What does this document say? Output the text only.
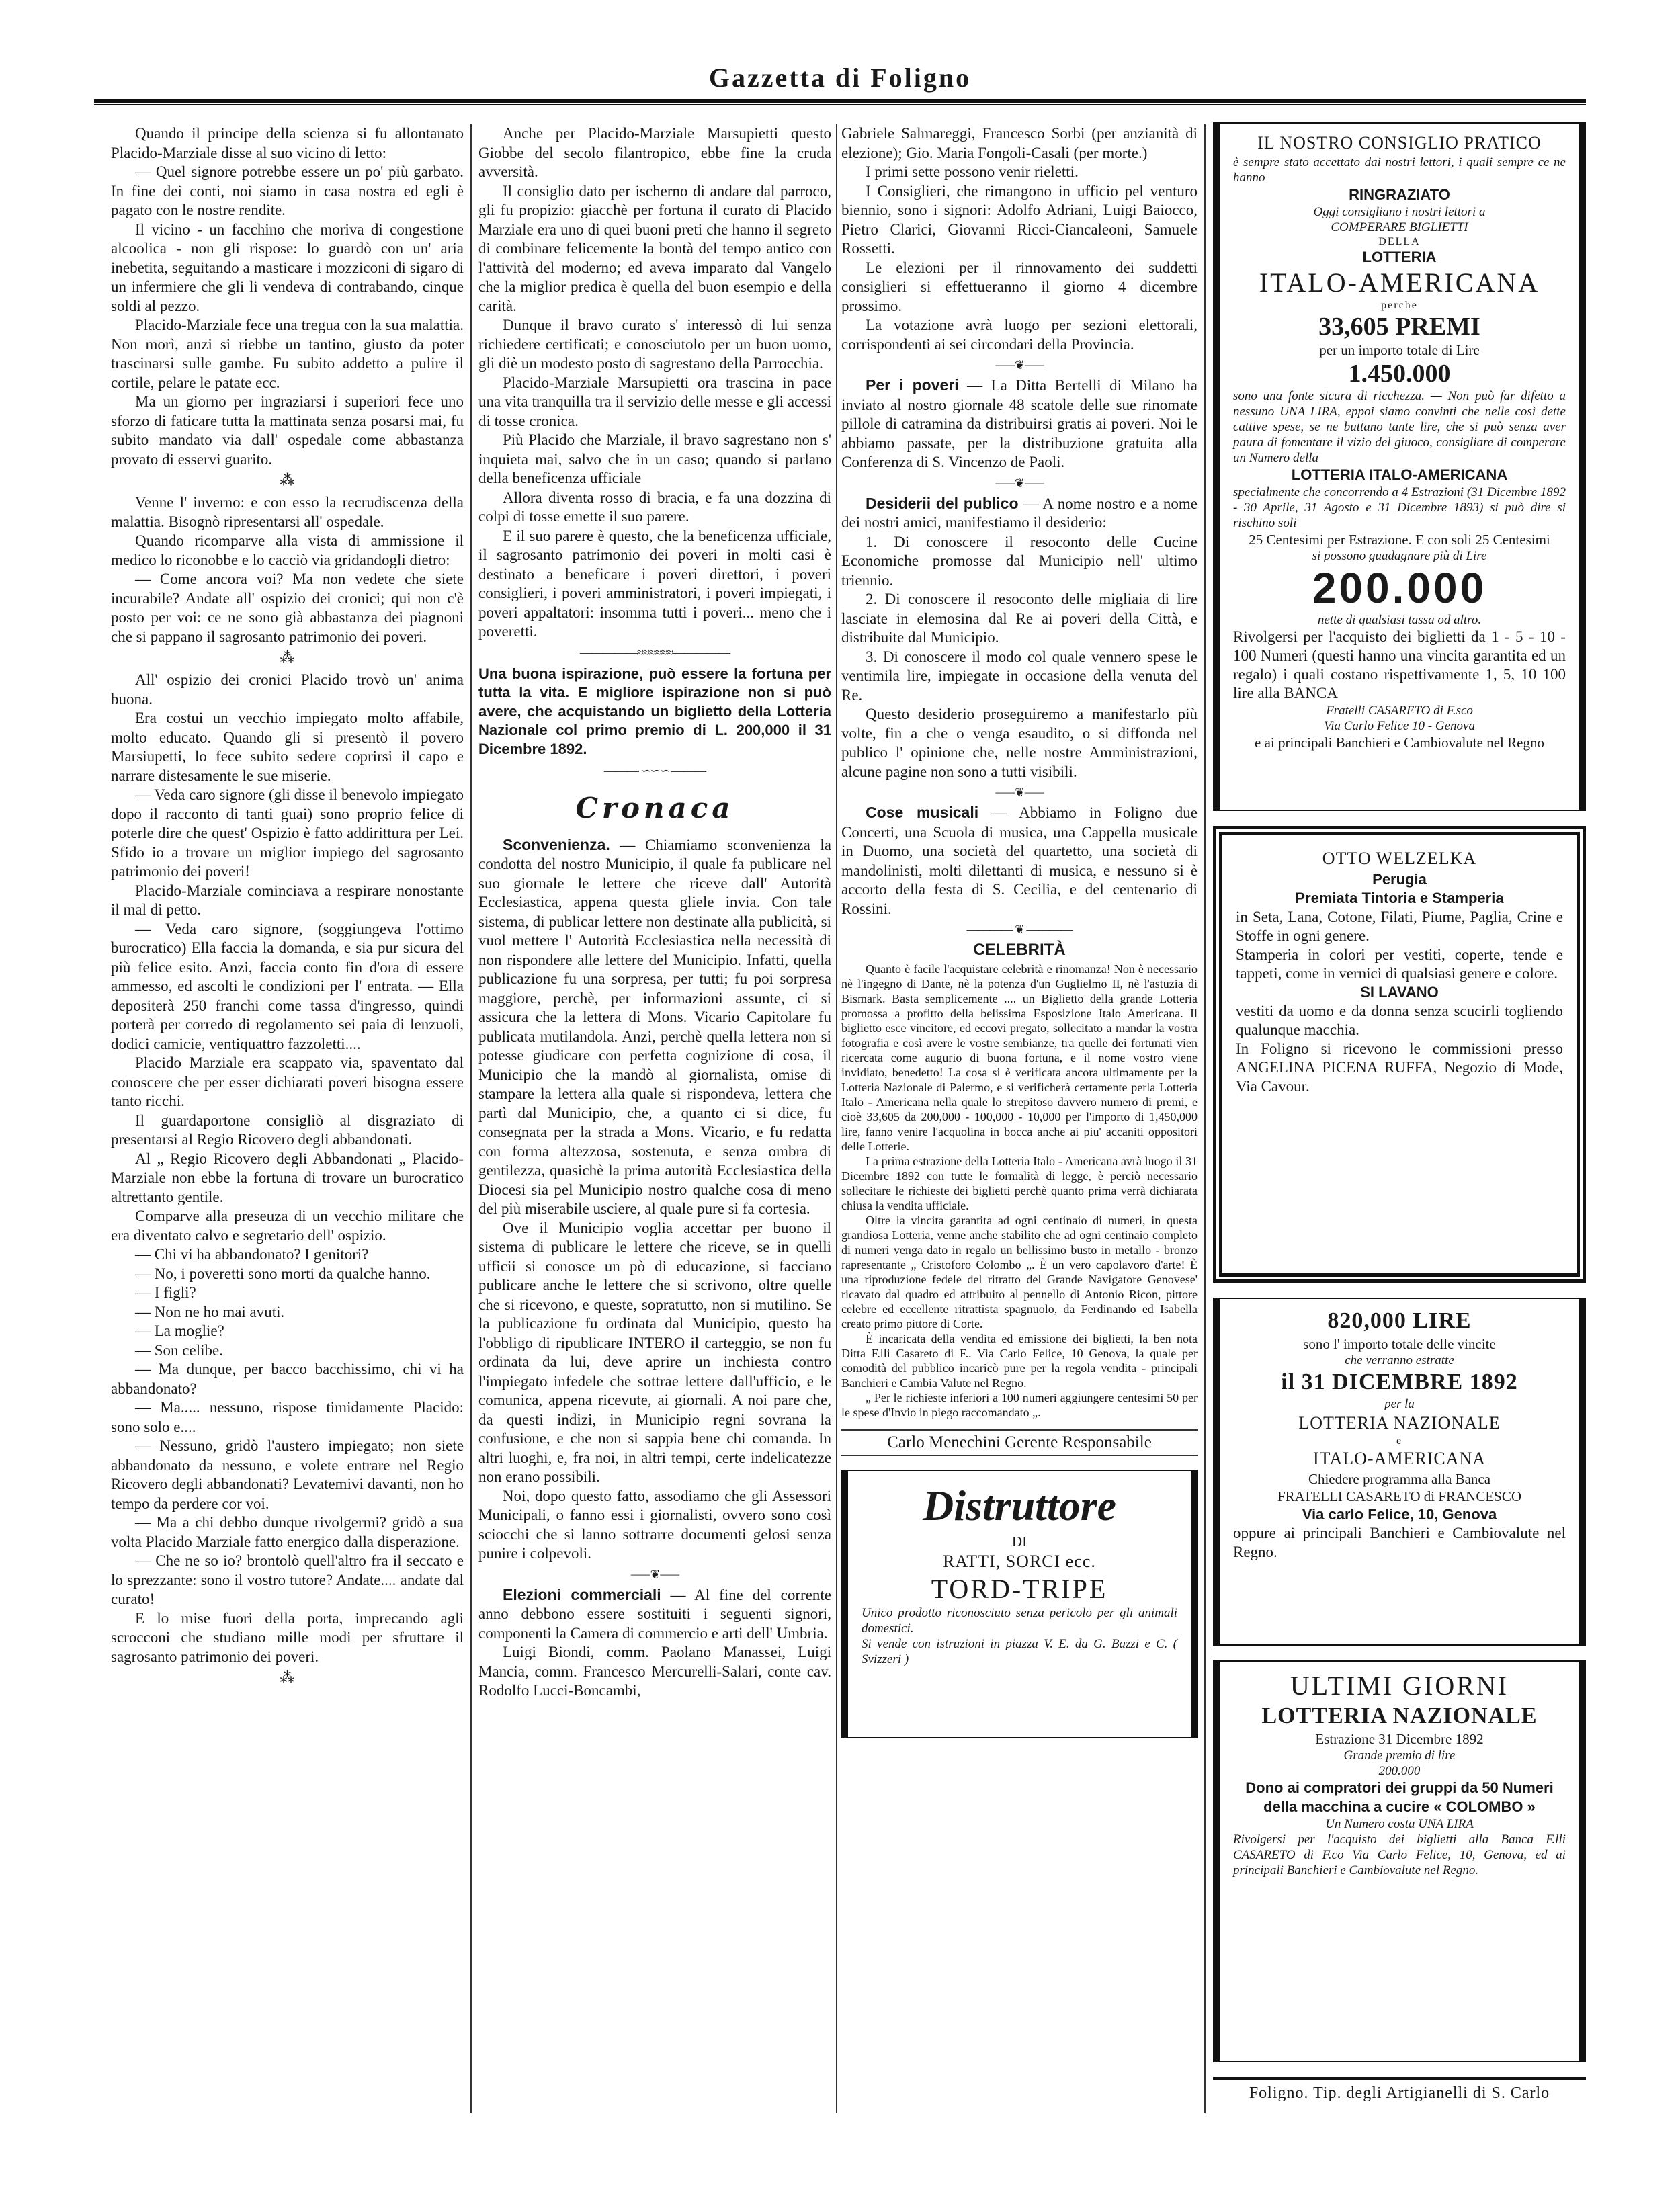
Gazzetta di Foligno

Quando il principe della scienza si fu allontanato Placido-Marziale disse al suo vicino di letto:

— Quel signore potrebbe essere un po' più garbato. In fine dei conti, noi siamo in casa nostra ed egli è pagato con le nostre rendite.

Il vicino - un facchino che moriva di congestione alcoolica - non gli rispose: lo guardò con un' aria inebetita, seguitando a masticare i mozziconi di sigaro di un infermiere che gli li vendeva di contrabando, cinque soldi al pezzo.

Placido-Marziale fece una tregua con la sua malattia. Non morì, anzi si riebbe un tantino, giusto da poter trascinarsi sulle gambe. Fu subito addetto a pulire il cortile, pelare le patate ecc.

Ma un giorno per ingraziarsi i superiori fece uno sforzo di faticare tutta la mattinata senza posarsi mai, fu subito mandato via dall' ospedale come abbastanza provato di esservi guarito.

⁂

Venne l' inverno: e con esso la recrudiscenza della malattia. Bisognò ripresentarsi all' ospedale.

Quando ricomparve alla vista di ammissione il medico lo riconobbe e lo cacciò via gridandogli dietro:

— Come ancora voi? Ma non vedete che siete incurabile? Andate all' ospizio dei cronici; qui non c'è posto per voi: ce ne sono già abbastanza dei piagnoni che si pappano il sagrosanto patrimonio dei poveri.

⁂

All' ospizio dei cronici Placido trovò un' anima buona.

Era costui un vecchio impiegato molto affabile, molto educato. Quando gli si presentò il povero Marsiupetti, lo fece subito sedere coprirsi il capo e narrare distesamente le sue miserie.

— Veda caro signore (gli disse il benevolo impiegato dopo il racconto di tanti guai) sono proprio felice di poterle dire che quest' Ospizio è fatto addirittura per Lei. Sfido io a trovare un miglior impiego del sagrosanto patrimonio dei poveri!

Placido-Marziale cominciava a respirare nonostante il mal di petto.

— Veda caro signore, (soggiungeva l'ottimo burocratico) Ella faccia la domanda, e sia pur sicura del più felice esito. Anzi, faccia conto fin d'ora di essere ammesso, ed ascolti le condizioni per l' entrata. — Ella depositerà 250 franchi come tassa d'ingresso, quindi porterà per corredo di regolamento sei paia di lenzuoli, dodici camicie, ventiquattro fazzoletti....

Placido Marziale era scappato via, spaventato dal conoscere che per esser dichiarati poveri bisogna essere tanto ricchi.

Il guardaportone consigliò al disgraziato di presentarsi al Regio Ricovero degli abbandonati.

Al „ Regio Ricovero degli Abbandonati „ Placido-Marziale non ebbe la fortuna di trovare un burocratico altrettanto gentile.

Comparve alla preseuza di un vecchio militare che era diventato calvo e segretario dell' ospizio.

— Chi vi ha abbandonato? I genitori?

— No, i poveretti sono morti da qualche hanno.

— I figli?

— Non ne ho mai avuti.

— La moglie?

— Son celibe.

— Ma dunque, per bacco bacchissimo, chi vi ha abbandonato?

— Ma..... nessuno, rispose timidamente Placido: sono solo e....

— Nessuno, gridò l'austero impiegato; non siete abbandonato da nessuno, e volete entrare nel Regio Ricovero degli abbandonati? Levatemivi davanti, non ho tempo da perdere cor voi.

— Ma a chi debbo dunque rivolgermi? gridò a sua volta Placido Marziale fatto energico dalla disperazione.

— Che ne so io? brontolò quell'altro fra il seccato e lo sprezzante: sono il vostro tutore? Andate.... andate dal curato!

E lo mise fuori della porta, imprecando agli scrocconi che studiano mille modi per sfruttare il sagrosanto patrimonio dei poveri.

⁂

Anche per Placido-Marziale Marsupietti questo Giobbe del secolo filantropico, ebbe fine la cruda avversità.

Il consiglio dato per ischerno di andare dal parroco, gli fu propizio: giacchè per fortuna il curato di Placido Marziale era uno di quei buoni preti che hanno il segreto di combinare felicemente la bontà del tempo antico con l'attività del moderno; ed aveva imparato dal Vangelo che la miglior predica è quella del buon esempio e della carità.

Dunque il bravo curato s' interessò di lui senza richiedere certificati; e conosciutolo per un buon uomo, gli diè un modesto posto di sagrestano della Parrocchia.

Placido-Marziale Marsupietti ora trascina in pace una vita tranquilla tra il servizio delle messe e gli accessi di tosse cronica.

Più Placido che Marziale, il bravo sagrestano non s' inquieta mai, salvo che in un caso; quando si parlano della beneficenza ufficiale

Allora diventa rosso di bracia, e fa una dozzina di colpi di tosse emette il suo parere.

E il suo parere è questo, che la beneficenza ufficiale, il sagrosanto patrimonio dei poveri in molti casi è destinato a beneficare i poveri direttori, i poveri consiglieri, i poveri amministratori, i poveri impiegati, i poveri appaltatori: insomma tutti i poveri... meno che i poveretti.

—————≈≈≈≈≈≈—————

Una buona ispirazione, può essere la fortuna per tutta la vita. E migliore ispirazione non si può avere, che acquistando un biglietto della Lotteria Nazionale col primo premio di L. 200,000 il 31 Dicembre 1892.

——— ∽∽∽ ———

Cronaca

Sconvenienza. — Chiamiamo sconvenienza la condotta del nostro Municipio, il quale fa publicare nel suo giornale le lettere che riceve dall' Autorità Ecclesiastica, appena questa gliele invia. Con tale sistema, di publicar lettere non destinate alla publicità, si vuol mettere l' Autorità Ecclesiastica nella necessità di non rispondere alle lettere del Municipio. Infatti, quella publicazione fu una sorpresa, per tutti; fu poi sorpresa maggiore, perchè, per informazioni assunte, ci si assicura che la lettera di Mons. Vicario Capitolare fu publicata mutilandola. Anzi, perchè quella lettera non si potesse giudicare con perfetta cognizione di cosa, il Municipio che la mandò al giornalista, omise di stampare la lettera alla quale si rispondeva, lettera che partì dal Municipio, che, a quanto ci si dice, fu consegnata per la strada a Mons. Vicario, e fu redatta con forma altezzosa, sostenuta, e senza ombra di gentilezza, quasichè la prima autorità Ecclesiastica della Diocesi sia pel Municipio nostro qualche cosa di meno del più miserabile usciere, al quale pure si fa cortesia.

Ove il Municipio voglia accettar per buono il sistema di publicare le lettere che riceve, se in quelli ufficii si conosce un pò di educazione, si facciano publicare anche le lettere che si scrivono, oltre quelle che si ricevono, e queste, sopratutto, non si mutilino. Se la publicazione fu ordinata dal Municipio, questo ha l'obbligo di ripublicare INTERO il carteggio, se non fu ordinata da lui, deve aprire un inchiesta contro l'impiegato infedele che sottrae lettere dall'ufficio, e le comunica, appena ricevute, ai giornali. A noi pare che, da questi indizi, in Municipio regni sovrana la confusione, e che non si sappia bene chi comanda. In altri luoghi, e, fra noi, in altri tempi, certe indelicatezze non erano possibili.

Noi, dopo questo fatto, assodiamo che gli Assessori Municipali, o fanno essi i giornalisti, ovvero sono così sciocchi che si lanno sottrarre documenti gelosi senza punire i colpevoli.

⸺❦⸺

Elezioni commerciali — Al fine del corrente anno debbono essere sostituiti i seguenti signori, componenti la Camera di commercio e arti dell' Umbria.

Luigi Biondi, comm. Paolano Manassei, Luigi Mancia, comm. Francesco Mercurelli-Salari, conte cav. Rodolfo Lucci-Boncambi,

Gabriele Salmareggi, Francesco Sorbi (per anzianità di elezione); Gio. Maria Fongoli-Casali (per morte.)

I primi sette possono venir rieletti.

I Consiglieri, che rimangono in ufficio pel venturo biennio, sono i signori: Adolfo Adriani, Luigi Baiocco, Pietro Clarici, Giovanni Ricci-Ciancaleoni, Samuele Rossetti.

Le elezioni per il rinnovamento dei suddetti consiglieri si effettueranno il giorno 4 dicembre prossimo.

La votazione avrà luogo per sezioni elettorali, corrispondenti ai sei circondari della Provincia.

⸺❦⸺

Per i poveri — La Ditta Bertelli di Milano ha inviato al nostro giornale 48 scatole delle sue rinomate pillole di catramina da distribuirsi gratis ai poveri. Noi le abbiamo passate, per la distribuzione gratuita alla Conferenza di S. Vincenzo de Paoli.

⸺❦⸺

Desiderii del publico — A nome nostro e a nome dei nostri amici, manifestiamo il desiderio:

1. Di conoscere il resoconto delle Cucine Economiche promosse dal Municipio nell' ultimo triennio.

2. Di conoscere il resoconto delle migliaia di lire lasciate in elemosina dal Re ai poveri della Città, e distribuite dal Municipio.

3. Di conoscere il modo col quale vennero spese le ventimila lire, impiegate in occasione della venuta del Re.

Questo desiderio proseguiremo a manifestarlo più volte, fin a che o venga esaudito, o si diffonda nel publico l' opinione che, nelle nostre Amministrazioni, alcune pagine non sono a tutti visibili.

⸺❦⸺

Cose musicali — Abbiamo in Foligno due Concerti, una Scuola di musica, una Cappella musicale in Duomo, una società del quartetto, una società di mandolinisti, molti dilettanti di musica, e nessuno si è accorto della festa di S. Cecilia, e del centenario di Rossini.

———— ❦ ————

CELEBRITÀ

Quanto è facile l'acquistare celebrità e rinomanza! Non è necessario nè l'ingegno di Dante, nè la potenza d'un Guglielmo II, nè l'astuzia di Bismark. Basta semplicemente .... un Biglietto della grande Lotteria promossa a profitto della belissima Esposizione Italo Americana. Il biglietto esce vincitore, ed eccovi pregato, sollecitato a mandar la vostra fotografia e così avere le vostre sembianze, tra quelle dei fortunati vien ricercata come augurio di buona fortuna, e il nome vostro viene invidiato, benedetto! La cosa si è verificata ancora ultimamente per la Lotteria Nazionale di Palermo, e si verificherà certamente perla Lotteria Italo - Americana nella quale lo strepitoso davvero numero di premi, e cioè 33,605 da 200,000 - 100,000 - 10,000 per l'importo di 1,450,000 lire, fanno venire l'acquolina in bocca anche ai piu' accaniti oppositori delle Lotterie.

La prima estrazione della Lotteria Italo - Americana avrà luogo il 31 Dicembre 1892 con tutte le formalità di legge, è perciò necessario sollecitare le richieste dei biglietti perchè quanto prima verrà dichiarata chiusa la vendita ufficiale.

Oltre la vincita garantita ad ogni centinaio di numeri, in questa grandiosa Lotteria, venne anche stabilito che ad ogni centinaio completo di numeri venga dato in regalo un bellissimo busto in metallo - bronzo rapresentante „ Cristoforo Colombo „. È un vero capolavoro d'arte! È una riproduzione fedele del ritratto del Grande Navigatore Genovese' ricavato dal quadro ed attribuito al pennello di Antonio Ricon, pittore celebre ed eccellente ritrattista spagnuolo, da Ferdinando ed Isabella creato primo pittore di Corte.

È incaricata della vendita ed emissione dei biglietti, la ben nota Ditta F.lli Casareto di F.. Via Carlo Felice, 10 Genova, la quale per comodità del pubblico incaricò pure per la regola vendita - principali Banchieri e Cambia Valute nel Regno.

„ Per le richieste inferiori a 100 numeri aggiungere centesimi 50 per le spese d'Invio in piego raccomandato „.

Carlo Menechini Gerente Responsabile
Distruttore
DI
RATTI, SORCI ecc.
TORD-TRIPE
Unico prodotto riconosciuto senza pericolo per gli animali domestici.
Si vende con istruzioni in piazza V. E. da G. Bazzi e C. ( Svizzeri )
IL NOSTRO CONSIGLIO PRATICO
è sempre stato accettato dai nostri lettori, i quali sempre ce ne hanno
RINGRAZIATO
Oggi consigliano i nostri lettori a
COMPERARE BIGLIETTI
DELLA
LOTTERIA
ITALO-AMERICANA
perche
33,605 PREMI
per un importo totale di Lire
1.450.000
sono una fonte sicura di ricchezza. — Non può far difetto a nessuno UNA LIRA, eppoi siamo convinti che nelle così dette cattive spese, se ne buttano tante lire, che si può senza aver paura di fomentare il vizio del giuoco, consigliare di comperare un Numero della
LOTTERIA ITALO-AMERICANA
specialmente che concorrendo a 4 Estrazioni (31 Dicembre 1892 - 30 Aprile, 31 Agosto e 31 Dicembre 1893) si può dire si rischino soli
25 Centesimi per Estrazione. E con soli 25 Centesimi
si possono guadagnare più di Lire
200.000
nette di qualsiasi tassa od altro.
Rivolgersi per l'acquisto dei biglietti da 1 - 5 - 10 - 100 Numeri (questi hanno una vincita garantita ed un regalo) i quali costano rispettivamente 1, 5, 10 100 lire alla BANCA
Fratelli CASARETO di F.sco
Via Carlo Felice 10 - Genova
e ai principali Banchieri e Cambiovalute nel Regno
OTTO WELZELKA
Perugia
Premiata Tintoria e Stamperia
in Seta, Lana, Cotone, Filati, Piume, Paglia, Crine e Stoffe in ogni genere.
Stamperia in colori per vestiti, coperte, tende e tappeti, come in vernici di qualsiasi genere e colore.
SI LAVANO
vestiti da uomo e da donna senza scucirli togliendo qualunque macchia.
In Foligno si ricevono le commissioni presso ANGELINA PICENA RUFFA, Negozio di Mode, Via Cavour.
820,000 LIRE
sono l' importo totale delle vincite
che verranno estratte
il 31 DICEMBRE 1892
per la
LOTTERIA NAZIONALE
e
ITALO-AMERICANA
Chiedere programma alla Banca
FRATELLI CASARETO di FRANCESCO
Via carlo Felice, 10, Genova
oppure ai principali Banchieri e Cambiovalute nel Regno.
ULTIMI GIORNI
LOTTERIA NAZIONALE
Estrazione 31 Dicembre 1892
Grande premio di lire
200.000
Dono ai compratori dei gruppi da 50 Numeri della macchina a cucire « COLOMBO »
Un Numero costa UNA LIRA
Rivolgersi per l'acquisto dei biglietti alla Banca F.lli CASARETO di F.co Via Carlo Felice, 10, Genova, ed ai principali Banchieri e Cambiovalute nel Regno.
Foligno. Tip. degli Artigianelli di S. Carlo
